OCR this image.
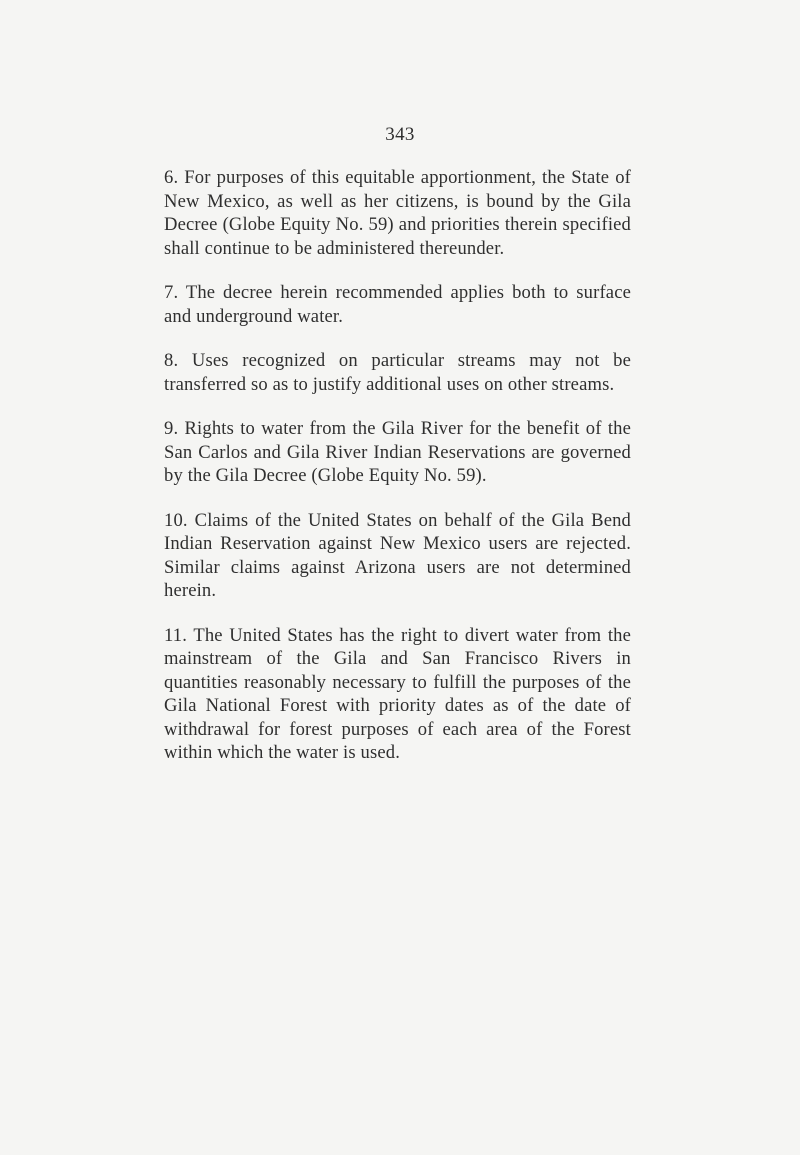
343

6. For purposes of this equitable apportionment, the State of New Mexico, as well as her citizens, is bound by the Gila Decree (Globe Equity No. 59) and priorities therein specified shall continue to be administered thereunder.

7. The decree herein recommended applies both to surface and underground water.

8. Uses recognized on particular streams may not be transferred so as to justify additional uses on other streams.

9. Rights to water from the Gila River for the benefit of the San Carlos and Gila River Indian Reservations are governed by the Gila Decree (Globe Equity No. 59).

10. Claims of the United States on behalf of the Gila Bend Indian Reservation against New Mexico users are rejected. Similar claims against Arizona users are not determined herein.

11. The United States has the right to divert water from the mainstream of the Gila and San Francisco Rivers in quantities reasonably necessary to fulfill the purposes of the Gila National Forest with priority dates as of the date of withdrawal for forest purposes of each area of the Forest within which the water is used.
